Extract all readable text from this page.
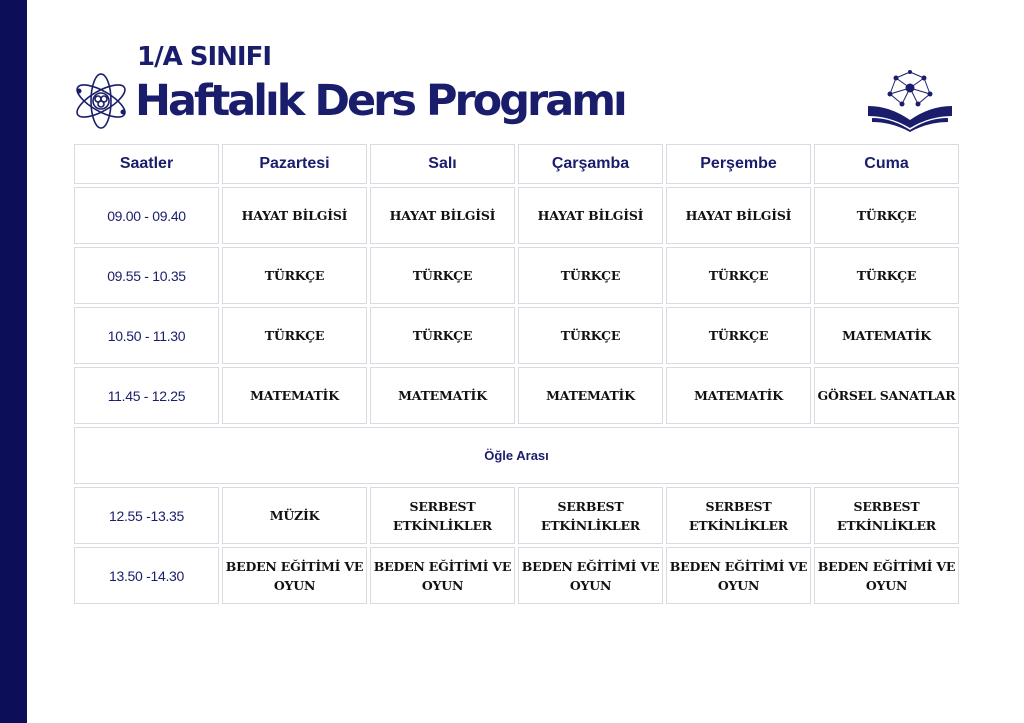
1/A SINIFI
Haftalık Ders Programı
Saatler	Pazartesi	Salı	Çarşamba	Perşembe	Cuma
09.00 - 09.40	HAYAT BİLGİSİ	HAYAT BİLGİSİ	HAYAT BİLGİSİ	HAYAT BİLGİSİ	TÜRKÇE
09.55 - 10.35	TÜRKÇE	TÜRKÇE	TÜRKÇE	TÜRKÇE	TÜRKÇE
10.50 - 11.30	TÜRKÇE	TÜRKÇE	TÜRKÇE	TÜRKÇE	MATEMATİK
11.45 - 12.25	MATEMATİK	MATEMATİK	MATEMATİK	MATEMATİK	GÖRSEL SANATLAR
Öğle Arası					
12.55 -13.35	MÜZİK	SERBEST ETKİNLİKLER	SERBEST ETKİNLİKLER	SERBEST ETKİNLİKLER	SERBEST ETKİNLİKLER
13.50 -14.30	BEDEN EĞİTİMİ VE OYUN	BEDEN EĞİTİMİ VE OYUN	BEDEN EĞİTİMİ VE OYUN	BEDEN EĞİTİMİ VE OYUN	BEDEN EĞİTİMİ VE OYUN
